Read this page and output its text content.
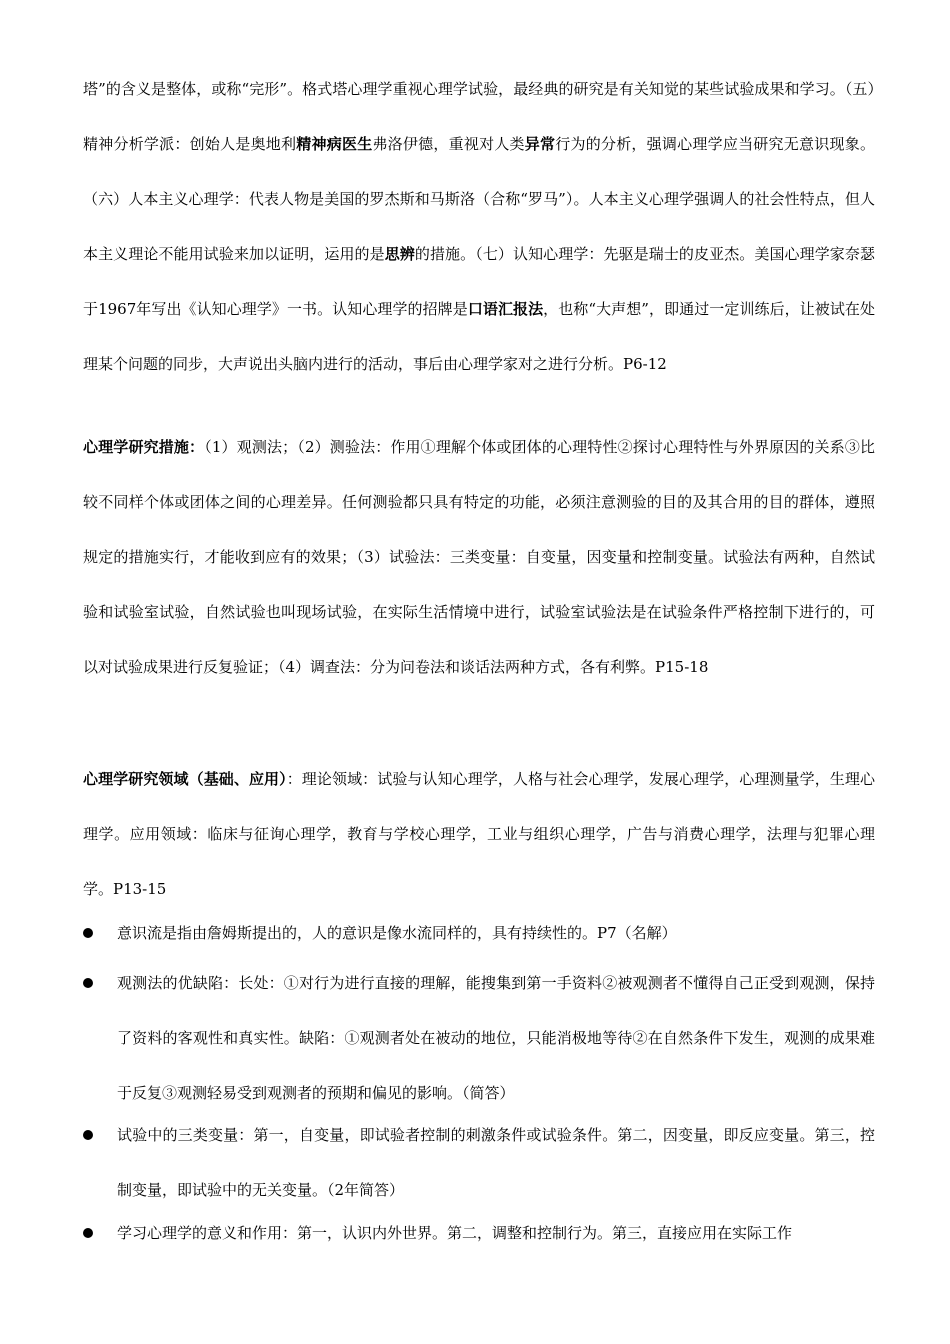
塔”的含义是整体，或称“完形”。格式塔心理学重视心理学试验，最经典的研究是有关知觉的某些试验成果和学习。（五）精神分析学派：创始人是奥地利精神病医生弗洛伊德，重视对人类异常行为的分析，强调心理学应当研究无意识现象。（六）人本主义心理学：代表人物是美国的罗杰斯和马斯洛（合称“罗马”）。人本主义心理学强调人的社会性特点，但人本主义理论不能用试验来加以证明，运用的是思辨的措施。（七）认知心理学：先驱是瑞士的皮亚杰。美国心理学家奈瑟于1967年写出《认知心理学》一书。认知心理学的招牌是口语汇报法，也称“大声想”，即通过一定训练后，让被试在处理某个问题的同步，大声说出头脑内进行的活动，事后由心理学家对之进行分析。P6-12

心理学研究措施：（1）观测法；（2）测验法：作用①理解个体或团体的心理特性②探讨心理特性与外界原因的关系③比较不同样个体或团体之间的心理差异。任何测验都只具有特定的功能，必须注意测验的目的及其合用的目的群体，遵照规定的措施实行，才能收到应有的效果；（3）试验法：三类变量：自变量，因变量和控制变量。试验法有两种，自然试验和试验室试验，自然试验也叫现场试验，在实际生活情境中进行，试验室试验法是在试验条件严格控制下进行的，可以对试验成果进行反复验证；（4）调查法：分为问卷法和谈话法两种方式，各有利弊。P15-18

心理学研究领域（基础、应用）：理论领域：试验与认知心理学，人格与社会心理学，发展心理学，心理测量学，生理心理学。应用领域：临床与征询心理学，教育与学校心理学，工业与组织心理学，广告与消费心理学，法理与犯罪心理学。P13-15

意识流是指由詹姆斯提出的，人的意识是像水流同样的，具有持续性的。P7（名解）

观测法的优缺陷：长处：①对行为进行直接的理解，能搜集到第一手资料②被观测者不懂得自己正受到观测，保持了资料的客观性和真实性。缺陷：①观测者处在被动的地位，只能消极地等待②在自然条件下发生，观测的成果难于反复③观测轻易受到观测者的预期和偏见的影响。（简答）

试验中的三类变量：第一，自变量，即试验者控制的刺激条件或试验条件。第二，因变量，即反应变量。第三，控制变量，即试验中的无关变量。（2年简答）

学习心理学的意义和作用：第一，认识内外世界。第二，调整和控制行为。第三，直接应用在实际工作
